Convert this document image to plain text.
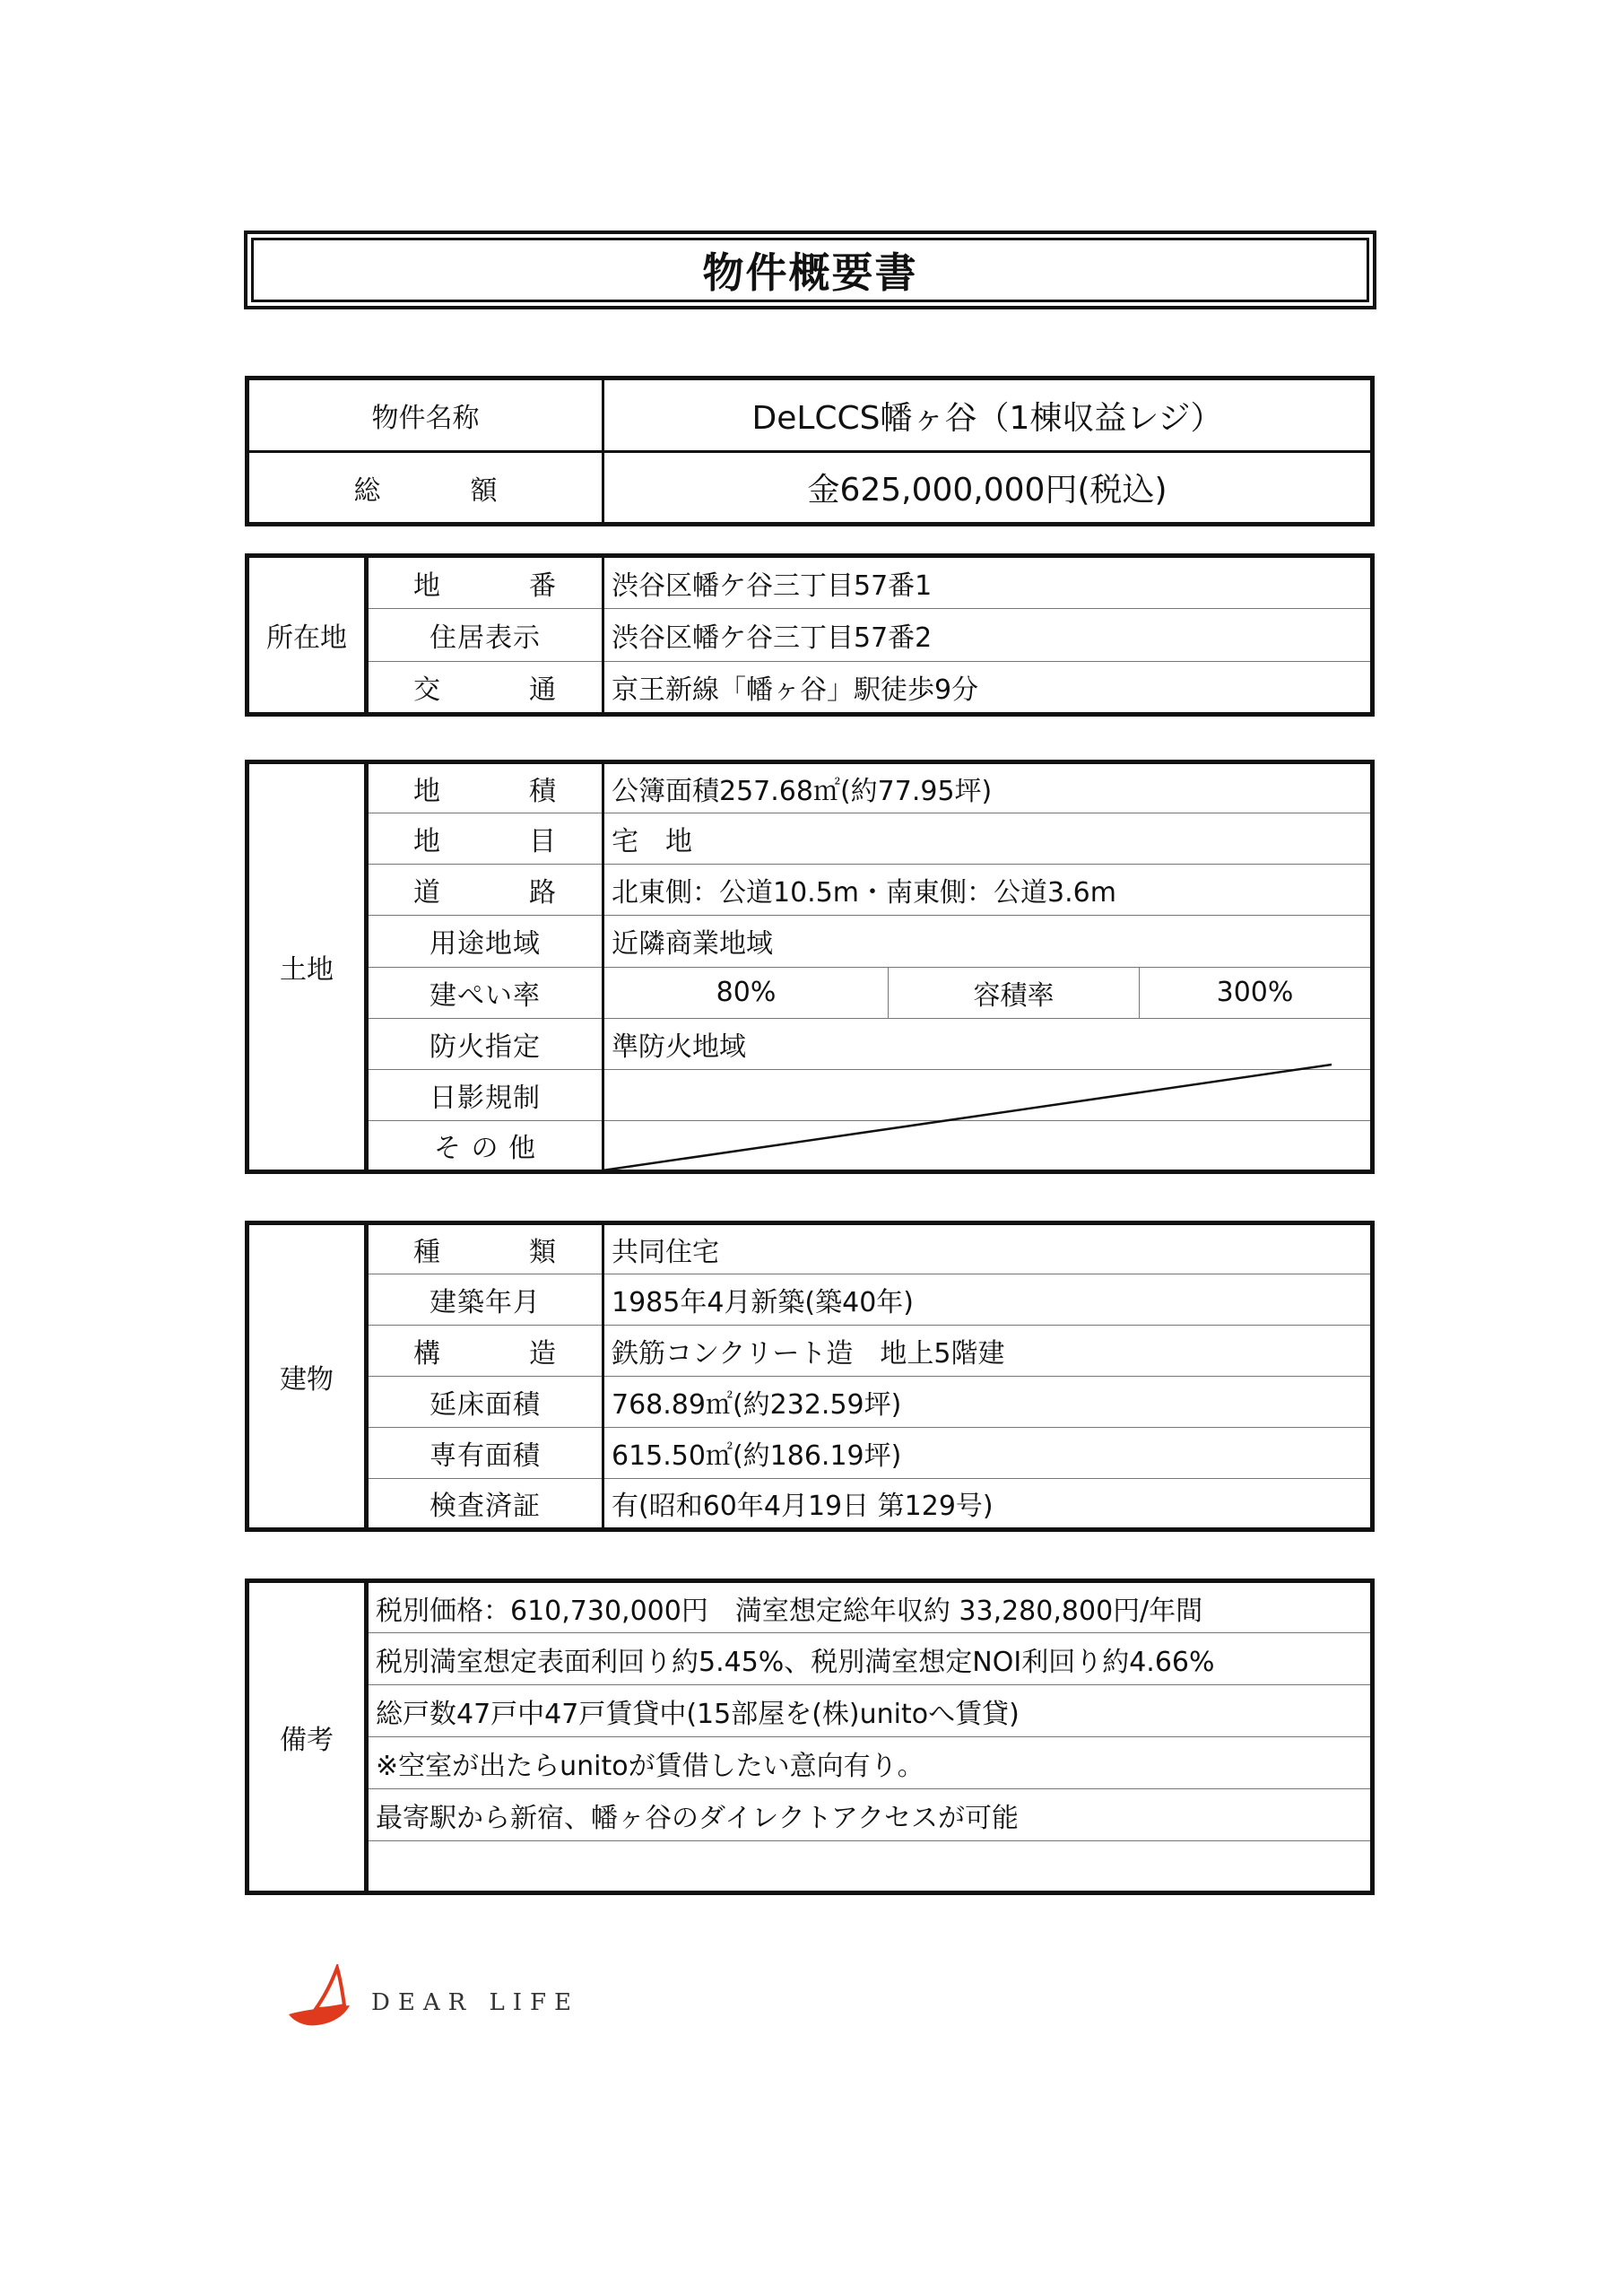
物件概要書
物件名称	DeLCCS幡ヶ谷（1棟収益レジ）
総 額	金625,000,000円(税込)
所在地	地番	渋谷区幡ケ谷三丁目57番1
	住居表示	渋谷区幡ケ谷三丁目57番2
	交通	京王新線「幡ヶ谷」駅徒歩9分
土地	地積	公簿面積257.68㎡(約77.95坪)		
	地目	宅　地		
	道路	北東側：公道10.5m・南東側：公道3.6m		
	用途地域	近隣商業地域		
	建ぺい率	80%	容積率	300%
	防火指定	準防火地域		
	日影規制			
	そ の 他			
建物	種類	共同住宅
	建築年月	1985年4月新築(築40年)
	構造	鉄筋コンクリート造　地上5階建
	延床面積	768.89㎡(約232.59坪)
	専有面積	615.50㎡(約186.19坪)
	検査済証	有(昭和60年4月19日 第129号)
備考	税別価格：610,730,000円　満室想定総年収約 33,280,800円/年間
税別満室想定表面利回り約5.45%、税別満室想定NOI利回り約4.66%
総戸数47戸中47戸賃貸中(15部屋を(株)unitoへ賃貸)
※空室が出たらunitoが賃借したい意向有り。
最寄駅から新宿、幡ヶ谷のダイレクトアクセスが可能

DEAR LIFE
